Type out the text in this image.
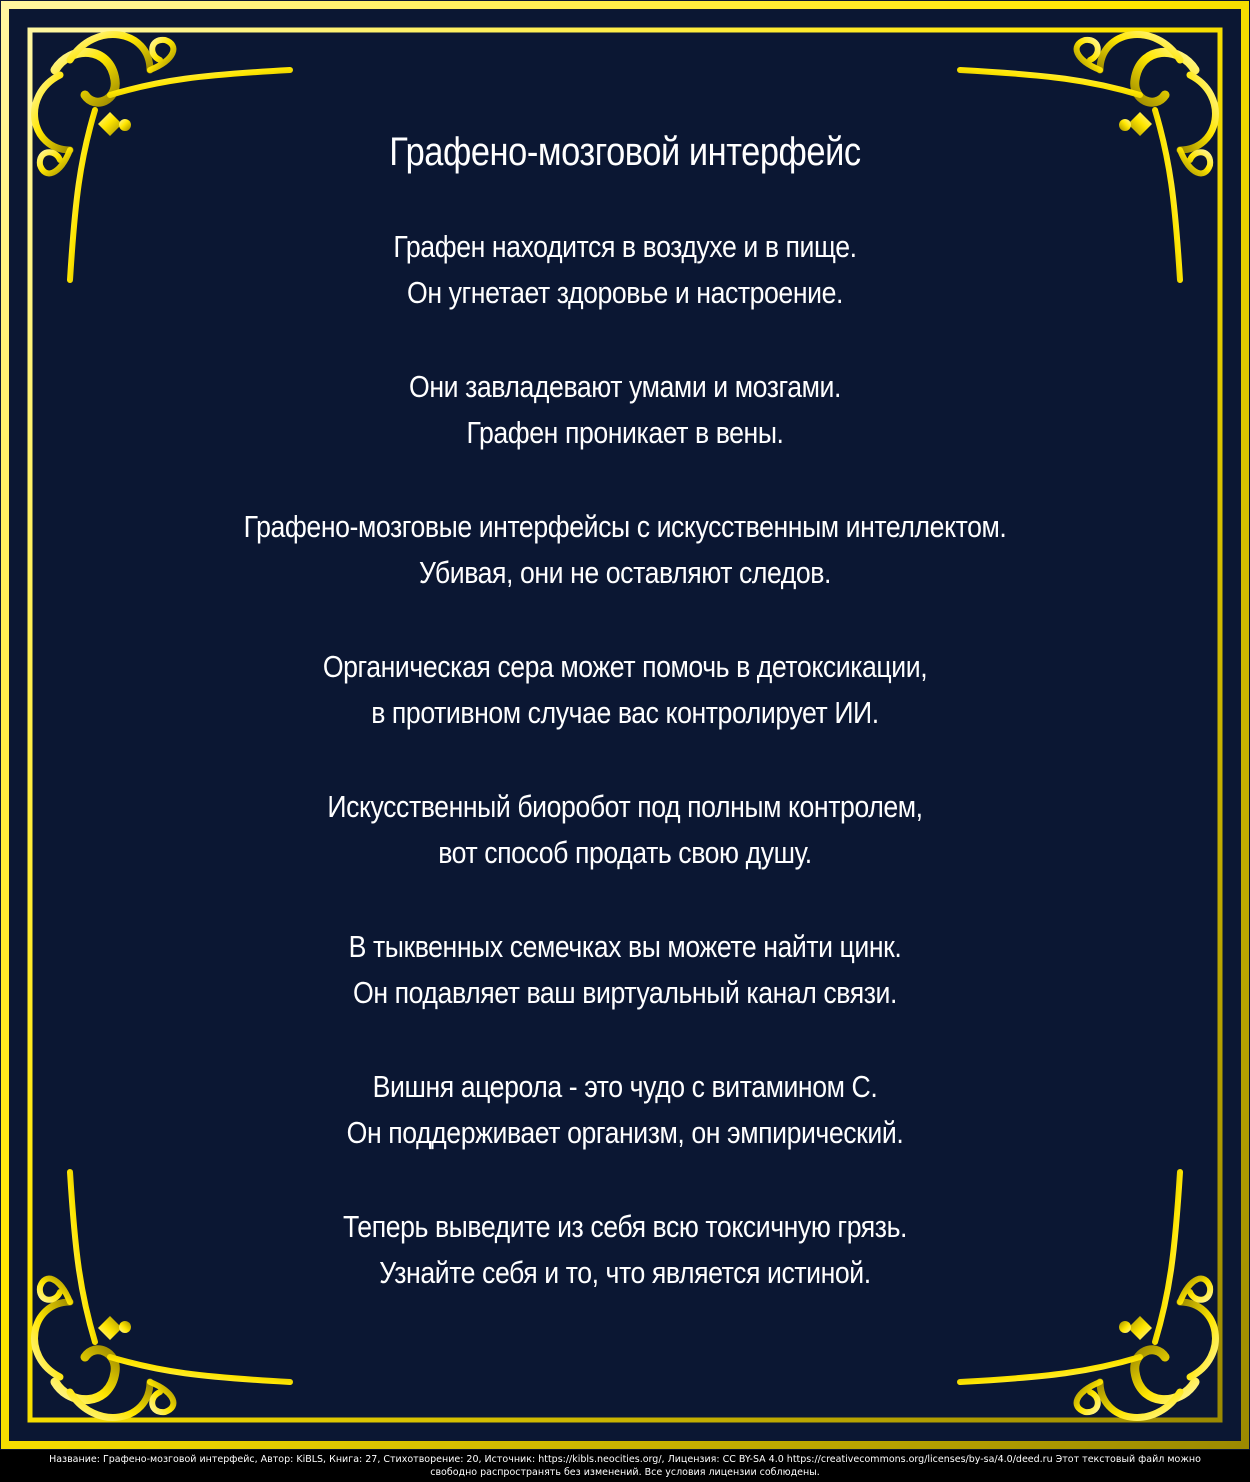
Графено-мозговой интерфейс
Графен находится в воздухе и в пище.
Он угнетает здоровье и настроение.
Они завладевают умами и мозгами.
Графен проникает в вены.
Графено-мозговые интерфейсы с искусственным интеллектом.
Убивая, они не оставляют следов.
Органическая сера может помочь в детоксикации,
в противном случае вас контролирует ИИ.
Искусственный биоробот под полным контролем,
вот способ продать свою душу.
В тыквенных семечках вы можете найти цинк.
Он подавляет ваш виртуальный канал связи.
Вишня ацерола - это чудо с витамином С.
Он поддерживает организм, он эмпирический.
Теперь выведите из себя всю токсичную грязь.
Узнайте себя и то, что является истиной.
Название: Графено-мозговой интерфейс, Автор: KiBLS, Книга: 27, Стихотворение: 20, Источник: https://kibls.neocities.org/, Лицензия: CC BY-SA 4.0 https://creativecommons.org/licenses/by-sa/4.0/deed.ru Этот текстовый файл можно
свободно распространять без изменений. Все условия лицензии соблюдены.
